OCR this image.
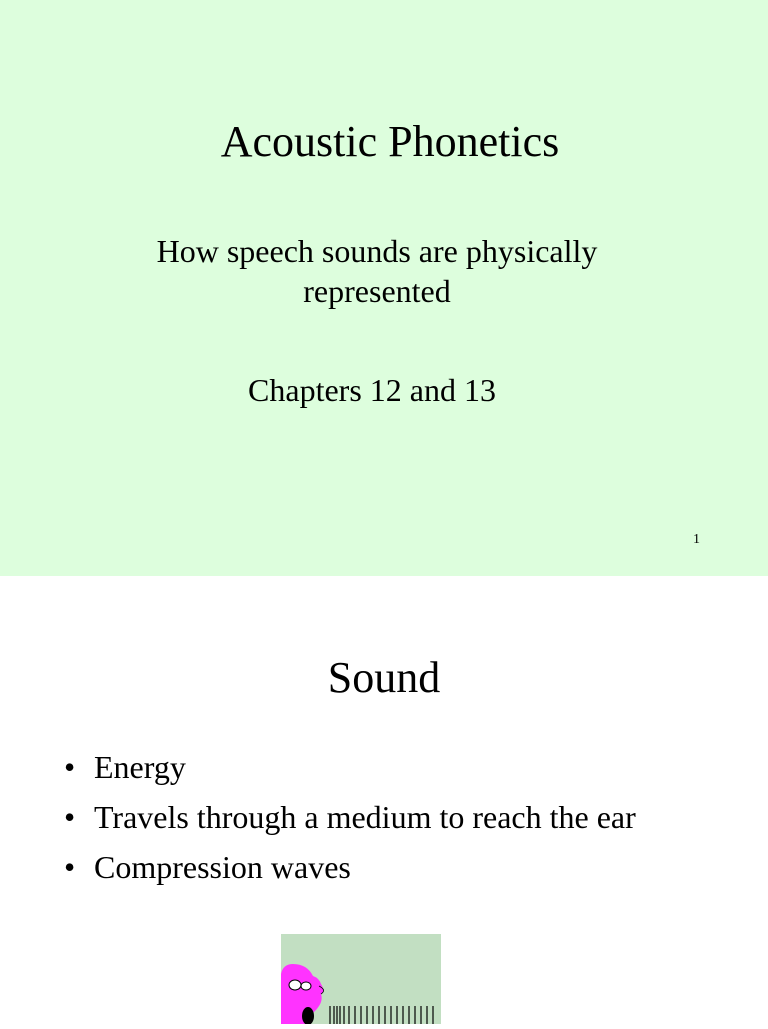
Acoustic Phonetics
How speech sounds are physically
represented
Chapters 12 and 13
1
Sound
• Energy
• Travels through a medium to reach the ear
• Compression waves
